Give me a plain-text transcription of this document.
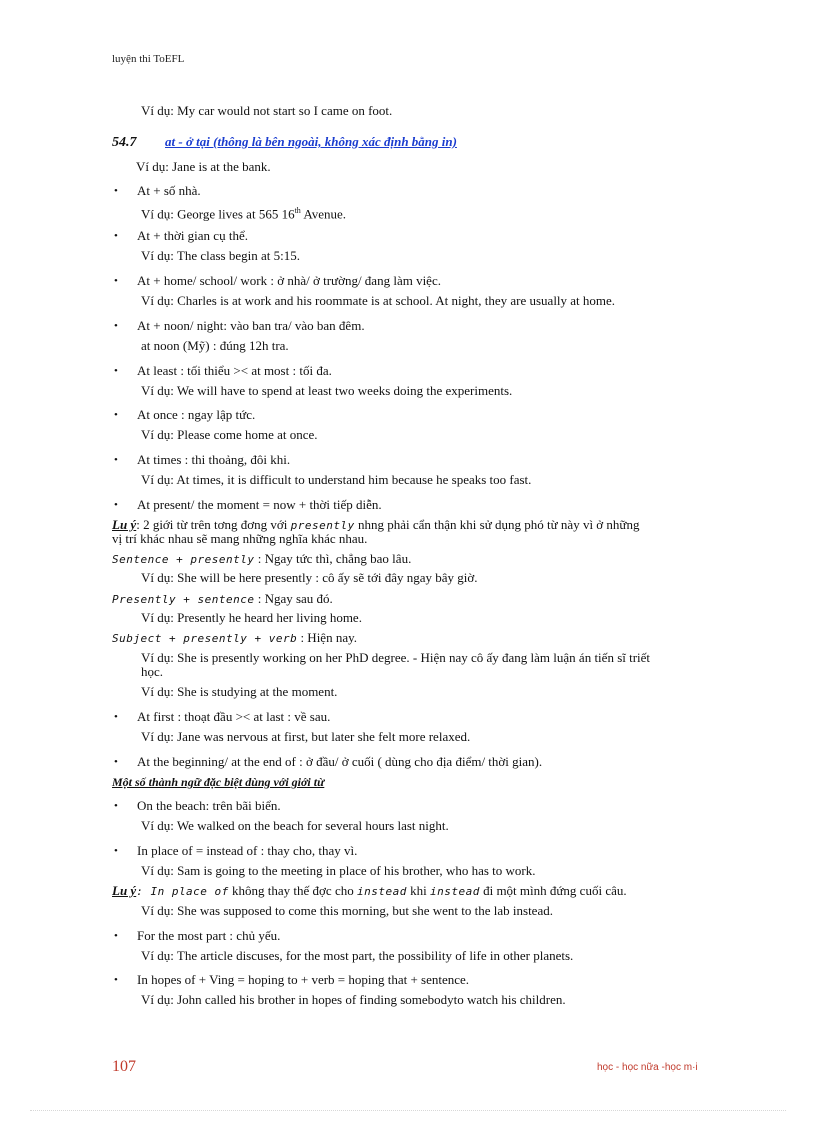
luyện thi ToEFL
Ví dụ: My car would not start so I came on foot.
54.7 at - ở tại (thông là bên ngoài, không xác định bằng in)
Ví dụ: Jane is at the bank.
• At + số nhà.
Ví dụ: George lives at 565 16th Avenue.
• At + thời gian cụ thể.
Ví dụ: The class begin at 5:15.
• At + home/ school/ work : ở nhà/ ở trường/ đang làm việc.
Ví dụ: Charles is at work and his roommate is at school. At night, they are usually at home.
• At + noon/ night: vào ban tra/ vào ban đêm.
at noon (Mỹ) : đúng 12h tra.
• At least : tối thiểu >< at most : tối đa.
Ví dụ: We will have to spend at least two weeks doing the experiments.
• At once : ngay lập tức.
Ví dụ: Please come home at once.
• At times : thi thoảng, đôi khi.
Ví dụ: At times, it is difficult to understand him because he speaks too fast.
• At present/ the moment = now + thời tiếp diễn.
Lu ý: 2 giới từ trên tơng đơng với presently nhng phải cẩn thận khi sử dụng phó từ này vì ở những
vị trí khác nhau sẽ mang những nghĩa khác nhau.
Sentence + presently : Ngay tức thì, chẳng bao lâu.
Ví dụ: She will be here presently : cô ấy sẽ tới đây ngay bây giờ.
Presently + sentence : Ngay sau đó.
Ví dụ: Presently he heard her living home.
Subject + presently + verb : Hiện nay.
Ví dụ: She is presently working on her PhD degree. - Hiện nay cô ấy đang làm luận án tiến sĩ triết
học.
Ví dụ: She is studying at the moment.
• At first : thoạt đầu >< at last : về sau.
Ví dụ: Jane was nervous at first, but later she felt more relaxed.
• At the beginning/ at the end of : ở đầu/ ở cuối ( dùng cho địa điểm/ thời gian).
Một số thành ngữ đặc biệt dùng với giới từ
• On the beach: trên bãi biển.
Ví dụ: We walked on the beach for several hours last night.
• In place of = instead of : thay cho, thay vì.
Ví dụ: Sam is going to the meeting in place of his brother, who has to work.
Lu ý: In place of không thay thế đợc cho instead khi instead đi một mình đứng cuối câu.
Ví dụ: She was supposed to come this morning, but she went to the lab instead.
• For the most part : chủ yếu.
Ví dụ: The article discuses, for the most part, the possibility of life in other planets.
• In hopes of + Ving = hoping to + verb = hoping that + sentence.
Ví dụ: John called his brother in hopes of finding somebodyto watch his children.
107	học - học nữa -học m·i
